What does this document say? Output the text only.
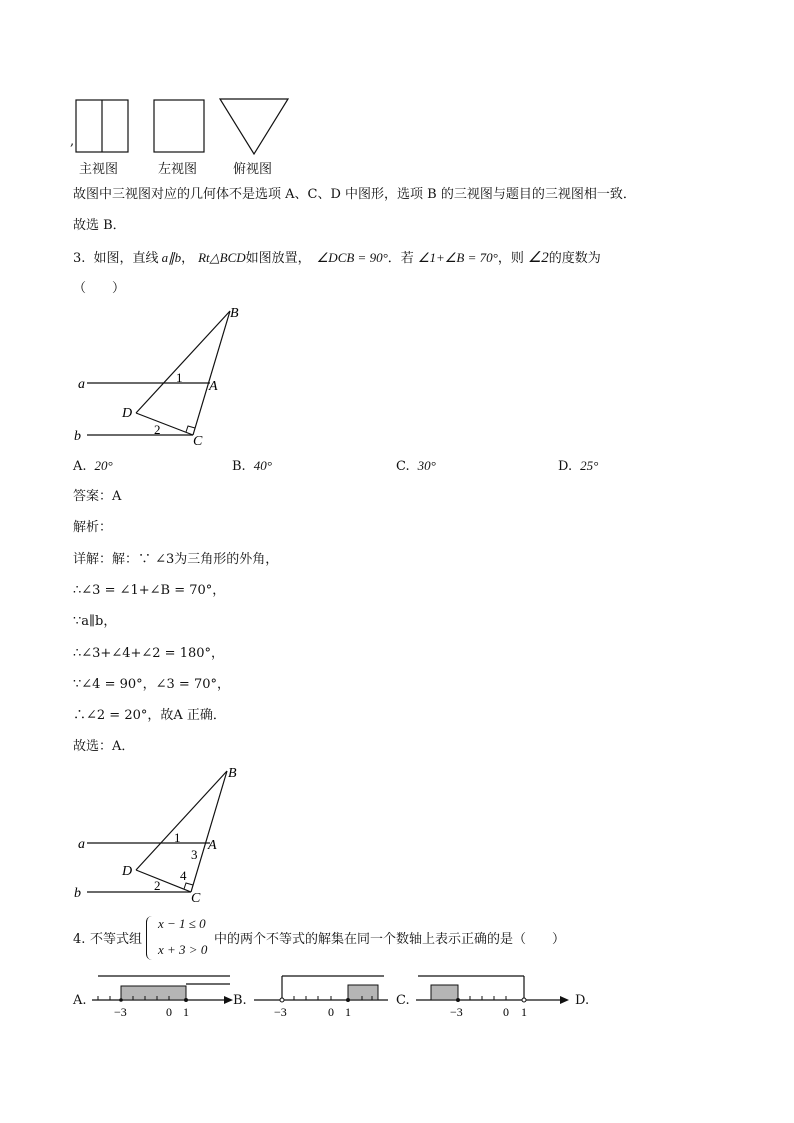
,
主视图	左视图	俯视图
故图中三视图对应的几何体不是选项 A、C、D 中图形，选项 B 的三视图与题目的三视图相一致．
故选 B．
3. 如图，直线 a∥b， Rt△BCD如图放置， ∠DCB = 90°．若 ∠1+∠B = 70°，则 ∠2的度数为
（　　）
B
A
a
b
D
C
1
2
A. 20°	B. 40°	C. 30°	D. 25°
答案：A
解析：
详解：解：∵ ∠3为三角形的外角，
∴∠3 = ∠1+∠B = 70°，
∵a∥b，
∴∠3+∠4+∠2 = 180°，
∵∠4 = 90°，∠3 = 70°，
∴∠2 = 20°，故A 正确．
故选：A．
B
A
a
b
D
C
1
2
3
4
4. 不等式组
x − 1 ≤ 0
x + 3 > 0
中的两个不等式的解集在同一个数轴上表示正确的是（　　）
A.
−3	0 1
B.
−3	0 1
C.
−3	0 1
D.
